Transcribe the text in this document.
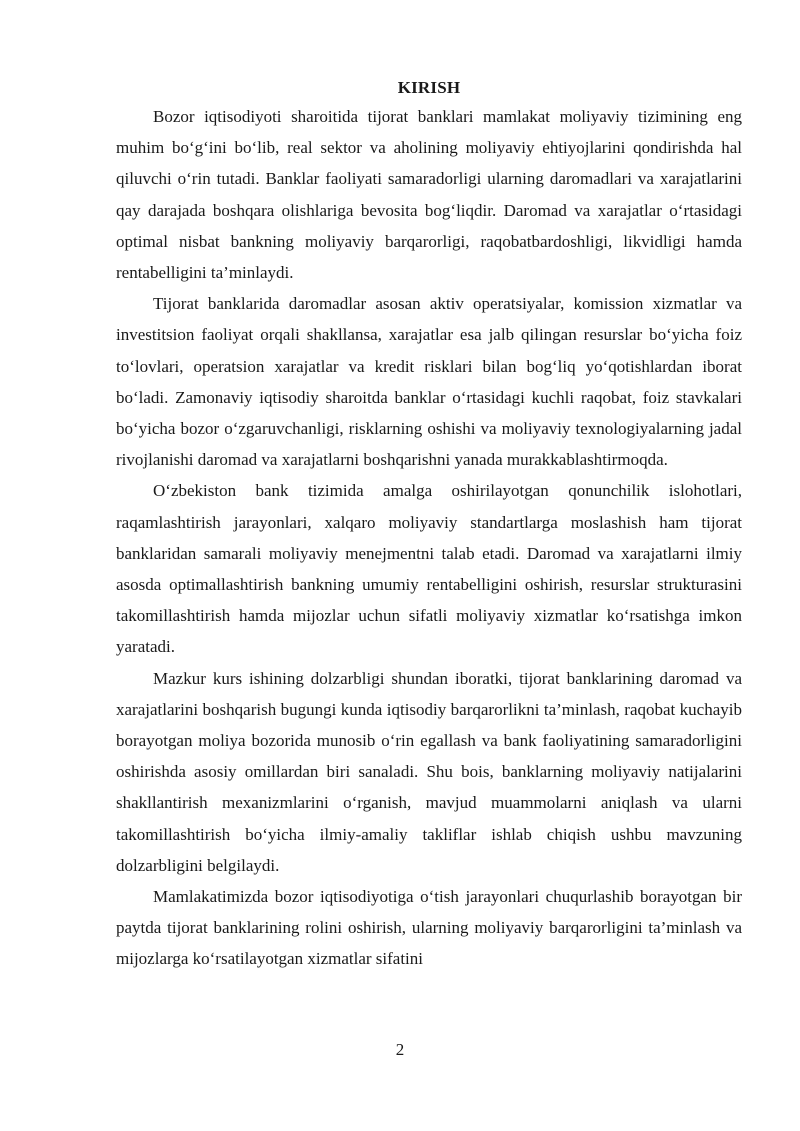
KIRISH

Bozor iqtisodiyoti sharoitida tijorat banklari mamlakat moliyaviy tizimining eng muhim bo‘g‘ini bo‘lib, real sektor va aholining moliyaviy ehtiyojlarini qondirishda hal qiluvchi o‘rin tutadi. Banklar faoliyati samaradorligi ularning daromadlari va xarajatlarini qay darajada boshqara olishlariga bevosita bog‘liqdir. Daromad va xarajatlar o‘rtasidagi optimal nisbat bankning moliyaviy barqarorligi, raqobatbardoshligi, likvidligi hamda rentabelligini ta’minlaydi.

Tijorat banklarida daromadlar asosan aktiv operatsiyalar, komission xizmatlar va investitsion faoliyat orqali shakllansa, xarajatlar esa jalb qilingan resurslar bo‘yicha foiz to‘lovlari, operatsion xarajatlar va kredit risklari bilan bog‘liq yo‘qotishlardan iborat bo‘ladi. Zamonaviy iqtisodiy sharoitda banklar o‘rtasidagi kuchli raqobat, foiz stavkalari bo‘yicha bozor o‘zgaruvchanligi, risklarning oshishi va moliyaviy texnologiyalarning jadal rivojlanishi daromad va xarajatlarni boshqarishni yanada murakkablashtirmoqda.

O‘zbekiston bank tizimida amalga oshirilayotgan qonunchilik islohotlari, raqamlashtirish jarayonlari, xalqaro moliyaviy standartlarga moslashish ham tijorat banklaridan samarali moliyaviy menejmentni talab etadi. Daromad va xarajatlarni ilmiy asosda optimallashtirish bankning umumiy rentabelligini oshirish, resurslar strukturasini takomillashtirish hamda mijozlar uchun sifatli moliyaviy xizmatlar ko‘rsatishga imkon yaratadi.

Mazkur kurs ishining dolzarbligi shundan iboratki, tijorat banklarining daromad va xarajatlarini boshqarish bugungi kunda iqtisodiy barqarorlikni ta’minlash, raqobat kuchayib borayotgan moliya bozorida munosib o‘rin egallash va bank faoliyatining samaradorligini oshirishda asosiy omillardan biri sanaladi. Shu bois, banklarning moliyaviy natijalarini shakllantirish mexanizmlarini o‘rganish, mavjud muammolarni aniqlash va ularni takomillashtirish bo‘yicha ilmiy-amaliy takliflar ishlab chiqish ushbu mavzuning dolzarbligini belgilaydi.

Mamlakatimizda bozor iqtisodiyotiga o‘tish jarayonlari chuqurlashib borayotgan bir paytda tijorat banklarining rolini oshirish, ularning moliyaviy barqarorligini ta’minlash va mijozlarga ko‘rsatilayotgan xizmatlar sifatini

2
